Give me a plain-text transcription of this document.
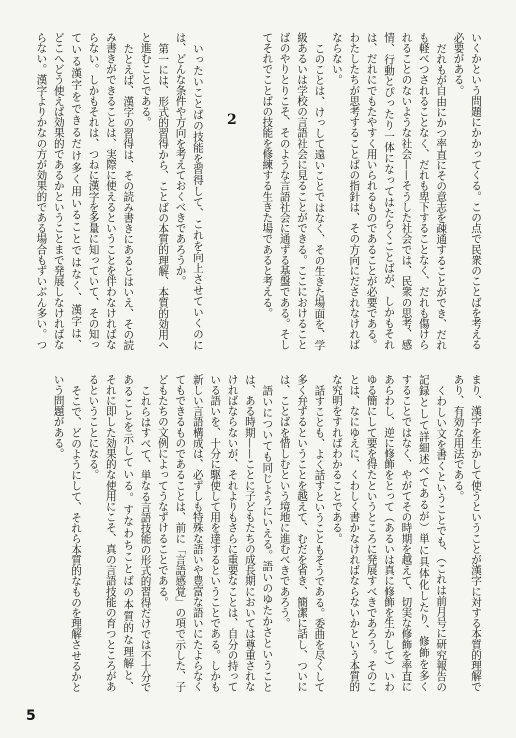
いくかという問題にかかってくる。この点で民衆のことばを考える
必要がある。
だれもが自由にかつ率直にその意志を疎通することができ、だれ
も軽べつされることなく、だれも卑下することなく、だれも傷けら
れることのないような社会——そうした社会では、民衆の思考、感
情、行動とぴったり一体になってはたらくことばが、しかもそれ
は、だれにでもたやすく用いられるものであることが必要である。
わたしたちが思考することばの指針は、その方向にだされなければ
ならない。
このことは、けっして遠いことではなく、その生きた場面を、学
級あるいは学校の言語社会に見ることができる。ここにおけること
ばのやりとりこそ、そのような言語社会に通ずる基盤である。そし
てそれでことばの技能を修練する生きた場であると考える。
2
いったいことばの技能を習得して、これを向上させていくのに
は、どんな条件や方向を考えておくべきであろうか。
第一には、形式的習得から、ことばの本質的理解、本質的効用へ
と進むことである。
たとえば、漢字の習得は、その読み書きにあるとはいえ、その読
み書きができることは、実際に使えるということを伴わなければな
らない。しかもそれは、つねに漢字を多量に知っていて、その知っ
ている漢字をできるだけ多く用いることではなく、漢字は、
どこへどう使えば効果的であるかということまで発展しなければな
らない。漢字よりかなの方が効果的である場合もずいぶん多い。つ
まり、漢字を生かして使うということが漢字に対する本質的理解で
あり、有効な用法である。
くわしい文を書くということでも、（これは前月号に研究報告の
記録として詳細述べてあるが）単に具体化したり、修飾を多く
することではなく、やがてその時期を越えて、切実な修飾を率直に
あらわし、逆に修飾をとって（あるいは真に修飾を生かして）いわ
ゆる簡にして要を得たというところに発展すべきであろう。そのこ
とは、なにゆえに、くわしく書かなければならないかという本質的
な究明をすればわかることである。
話すことも、よく話すということもそうである。委曲を尽くして
多く弁ずるということを越えて、むだを省き、簡潔に話し、ついに
は、ことばを惜しむという境地に進むべきであろう。
語いについても同じようにいえる。語いのゆたかさということ
は、ある時期——ことに子どもたちの成長期においては尊重されな
ければならないが、それよりもさらに重要なことは、自分の持って
いる語いを、十分に駆使して用を達するということである。しかも
新しい言語構成は、必ずしも特殊な語いや豊富な語いにたよらなく
てもできるものであることは、前に「言語感覚」の項で示した、子
どもたちの文例によってうなずけることである。
これらはすべて、単なる言語技能の形式的習得だけでは不十分で
あることを示している。すなわちことばの本質的な理解と、
それに即した効果的な使用にこそ、真の言語技能の育つところがあ
るということになる。
そこで、どのようにして、それら本質的なものを理解させるかと
いう問題がある。
5
